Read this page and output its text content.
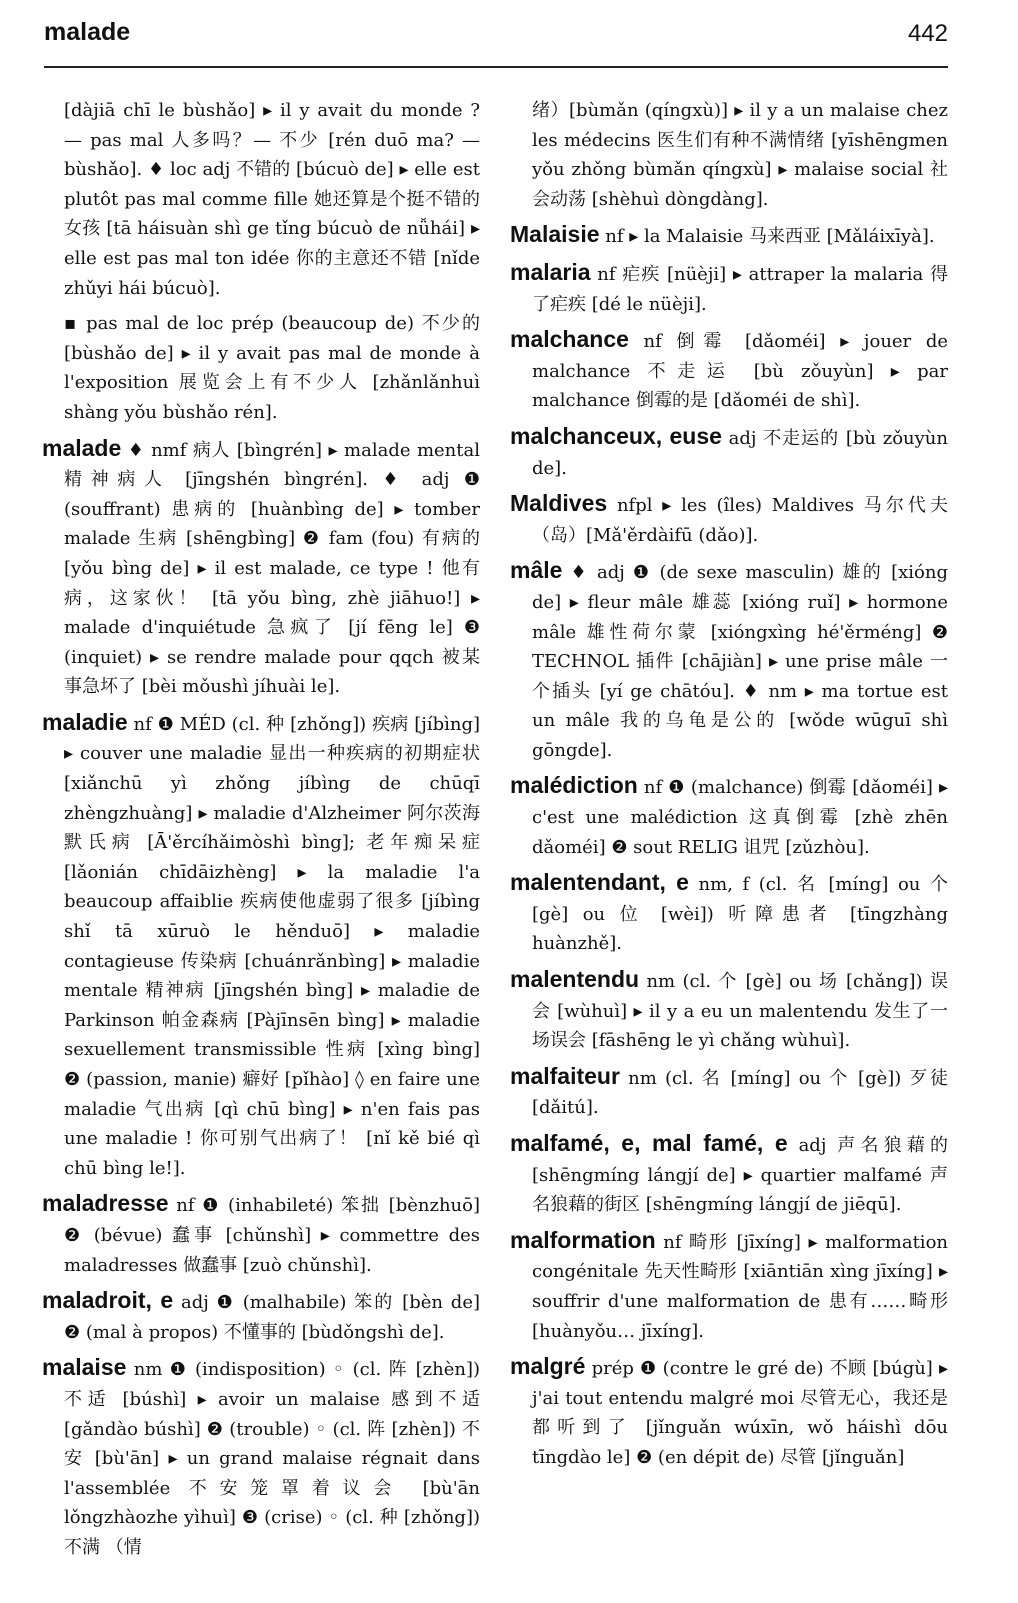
malade	442
[dàjiā chī le bùshǎo] ▸ il y avait du monde ? — pas mal 人多吗？— 不少 [rén duō ma? — bùshǎo]. ♦ loc adj 不错的 [búcuò de] ▸ elle est plutôt pas mal comme fille 她还算是个挺不错的女孩 [tā háisuàn shì ge tǐng búcuò de nǚhái] ▸ elle est pas mal ton idée 你的主意还不错 [nǐde zhǔyi hái búcuò].
▪ pas mal de loc prép (beaucoup de) 不少的 [bùshǎo de] ▸ il y avait pas mal de monde à l'exposition 展览会上有不少人 [zhǎnlǎnhuì shàng yǒu bùshǎo rén].
malade ♦ nmf 病人 [bìngrén] ▸ malade mental 精神病人 [jīngshén bìngrén]. ♦ adj ❶ (souffrant) 患病的 [huànbìng de] ▸ tomber malade 生病 [shēngbìng] ❷ fam (fou) 有病的 [yǒu bìng de] ▸ il est malade, ce type ! 他有病，这家伙！ [tā yǒu bìng, zhè jiāhuo!] ▸ malade d'inquiétude 急疯了 [jí fēng le] ❸ (inquiet) ▸ se rendre malade pour qqch 被某事急坏了 [bèi mǒushì jíhuài le].
maladie nf ❶ MÉD (cl. 种 [zhǒng]) 疾病 [jíbìng] ▸ couver une maladie 显出一种疾病的初期症状 [xiǎnchū yì zhǒng jíbìng de chūqī zhèngzhuàng] ▸ maladie d'Alzheimer 阿尔茨海默氏病 [Ā'ěrcíhǎimòshì bìng]; 老年痴呆症 [lǎonián chīdāizhèng] ▸ la maladie l'a beaucoup affaiblie 疾病使他虚弱了很多 [jíbìng shǐ tā xūruò le hěnduō] ▸ maladie contagieuse 传染病 [chuánrǎnbìng] ▸ maladie mentale 精神病 [jīngshén bìng] ▸ maladie de Parkinson 帕金森病 [Pàjīnsēn bìng] ▸ maladie sexuellement transmissible 性病 [xìng bìng] ❷ (passion, manie) 癖好 [pǐhào] ◊ en faire une maladie 气出病 [qì chū bìng] ▸ n'en fais pas une maladie ! 你可别气出病了！ [nǐ kě bié qì chū bìng le!].
maladresse nf ❶ (inhabileté) 笨拙 [bènzhuō] ❷ (bévue) 蠢事 [chǔnshì] ▸ commettre des maladresses 做蠢事 [zuò chǔnshì].
maladroit, e adj ❶ (malhabile) 笨的 [bèn de] ❷ (mal à propos) 不懂事的 [bùdǒngshì de].
malaise nm ❶ (indisposition) ◦ (cl. 阵 [zhèn]) 不适 [búshì] ▸ avoir un malaise 感到不适 [gǎndào búshì] ❷ (trouble) ◦ (cl. 阵 [zhèn]) 不安 [bù'ān] ▸ un grand malaise régnait dans l'assemblée 不安笼罩着议会 [bù'ān lǒngzhàozhe yìhuì] ❸ (crise) ◦ (cl. 种 [zhǒng]) 不满 （情
绪）[bùmǎn (qíngxù)] ▸ il y a un malaise chez les médecins 医生们有种不满情绪 [yīshēngmen yǒu zhǒng bùmǎn qíngxù] ▸ malaise social 社会动荡 [shèhuì dòngdàng].
Malaisie nf ▸ la Malaisie 马来西亚 [Mǎláixīyà].
malaria nf 疟疾 [nüèji] ▸ attraper la malaria 得了疟疾 [dé le nüèji].
malchance nf 倒霉 [dǎoméi] ▸ jouer de malchance 不走运 [bù zǒuyùn] ▸ par malchance 倒霉的是 [dǎoméi de shì].
malchanceux, euse adj 不走运的 [bù zǒuyùn de].
Maldives nfpl ▸ les (îles) Maldives 马尔代夫（岛）[Mǎ'ěrdàifū (dǎo)].
mâle ♦ adj ❶ (de sexe masculin) 雄的 [xióng de] ▸ fleur mâle 雄蕊 [xióng ruǐ] ▸ hormone mâle 雄性荷尔蒙 [xióngxìng hé'ěrméng] ❷ TECHNOL 插件 [chājiàn] ▸ une prise mâle 一个插头 [yí ge chātóu]. ♦ nm ▸ ma tortue est un mâle 我的乌龟是公的 [wǒde wūguī shì gōngde].
malédiction nf ❶ (malchance) 倒霉 [dǎoméi] ▸ c'est une malédiction 这真倒霉 [zhè zhēn dǎoméi] ❷ sout RELIG 诅咒 [zǔzhòu].
malentendant, e nm, f (cl. 名 [míng] ou 个 [gè] ou 位 [wèi]) 听障患者 [tīngzhàng huànzhě].
malentendu nm (cl. 个 [gè] ou 场 [chǎng]) 误会 [wùhuì] ▸ il y a eu un malentendu 发生了一场误会 [fāshēng le yì chǎng wùhuì].
malfaiteur nm (cl. 名 [míng] ou 个 [gè]) 歹徒 [dǎitú].
malfamé, e, mal famé, e adj 声名狼藉的 [shēngmíng lángjí de] ▸ quartier malfamé 声名狼藉的街区 [shēngmíng lángjí de jiēqū].
malformation nf 畸形 [jīxíng] ▸ malformation congénitale 先天性畸形 [xiāntiān xìng jīxíng] ▸ souffrir d'une malformation de 患有……畸形 [huànyǒu… jīxíng].
malgré prép ❶ (contre le gré de) 不顾 [búgù] ▸ j'ai tout entendu malgré moi 尽管无心，我还是都听到了 [jǐnguǎn wúxīn, wǒ háishì dōu tīngdào le] ❷ (en dépit de) 尽管 [jǐnguǎn]
